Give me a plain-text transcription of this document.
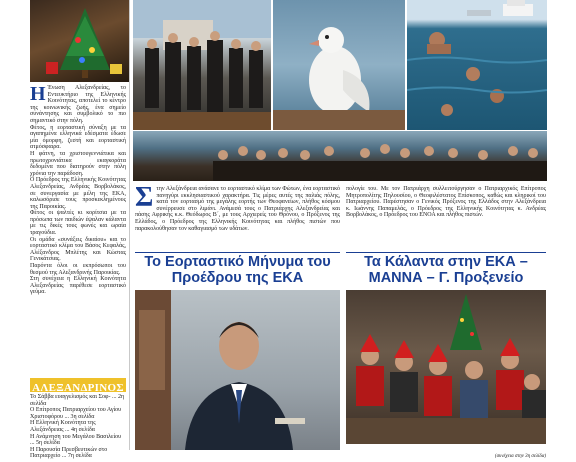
Η Ένωση Αλεξανδρείας, το Εντευκτήριο της Ελληνικής Κοινότητας, αποτελεί το κέντρο της κοινωνικής ζωής, ένα σημείο συνάντησης και συμβολικό το πιο σημαντικό στην πόλη.

Φέτος, η εορταστική σύναξη με τα αγαπημένα ελληνικά εδέσματα έδωσε μία όμορφη, ζεστή και εορταστική ατμόσφαιρα.

Η φάτνη, τα χριστουγεννιάτικα και πρωτοχρονιάτικα εκαγκοράτα δεδομένα που διατηρούν στην πόλη χρόνια την παράδοση.

Ο Πρόεδρος της Ελληνικής Κοινότητας Αλεξανδρείας, Ανδρέας Βορβολάκος, σε συνεργασία με μέλη της ΕΚΑ, καλωσόρισε τους προσκεκλημένους της Παροικίας.

Φέτος οι ψαλτές κι κορίτσια με τα πρόσωπα των παιδιών έψαλαν κάλαντα με τις δικές τους φωνές και ωραία τραγούδια.

Οι ομάδα «συνάξεις δικαίου» και το εορταστικό κλίμα του Βάσος Κεφαλάς, Αλέξανδρος Μπλέτης και Κώστας Γενικάτσιας.

Παρόντα όλοι οι εκπρόσωποι του θεσμού της Αλεξανδρινής Παροικίας.

Στη συνέχεια η Ελληνική Κοινότητα Αλεξανδρείας παρέθεσε εορταστικό γεύμα.

ΑΛΕΞΑΝΔΡΙΝΟΣ

Το Σάββα ευαγγελισμός και Σοφ- ... 2η σελίδα

Ο Επίτροπος Πατριαρχείου του Αγίου Χριστοφόρου ... 3η σελίδα

Η Ελληνική Κοινότητα της Αλεξάνδρειας ... 4η σελίδα

Η Ανάμνηση του Μεγάλου Βασιλείου ... 5η σελίδα

Η Παρουσία Πρεσβευτικών στο Πατριαρχείο ... 7η σελίδα

Σ την Αλεξάνδρεια ανάσανε το εορταστικό κλίμα των Φώτων, ένα εορταστικό πανηγύρι εκκλησιαστικού χαρακτήρα. Τις μέρες αυτές της παλιάς πόλης, κατά τον εορτασμό της μεγάλης εορτής των Θεοφανείων, πλήθος κόσμου συνέρρευσε στο λιμάνι. Ανάμεσά τους ο Πατριάρχης Αλεξανδρείας και πάσης Αφρικής κ.κ. Θεόδωρος Β΄, με τους Αρχιερείς του Θρόνου, ο Πρόξενος της Ελλάδος, ο Πρόεδρος της Ελληνικής Κοινότητας και πλήθος πιστών που παρακολούθησαν τον καθαγιασμό των υδάτων.

πολογίε του. Με τον Πατριάρχη συλλειτούργησαν ο Πατριαρχικός Επίτροπος Μητροπολίτης Πηλουσίου, ο Θεοφιλέστατος Επίσκοπος, καθώς και κληρικοί του Πατριαρχείου. Παρέστησαν ο Γενικός Πρόξενος της Ελλάδος στην Αλεξάνδρεια κ. Ιωάννης Παπαμελάς, ο Πρόεδρος της Ελληνικής Κοινότητας κ. Ανδρέας Βορβολάκος, ο Πρόεδρος του ΕΝΟΑ και πλήθος πιστών.

Το Εορταστικό Μήνυμα του Προέδρου της ΕΚΑ

Τα Κάλαντα στην ΕΚΑ – ΜΑΝΝΑ – Γ. Προξενείο

(συνέχεια στην 3η σελίδα)
